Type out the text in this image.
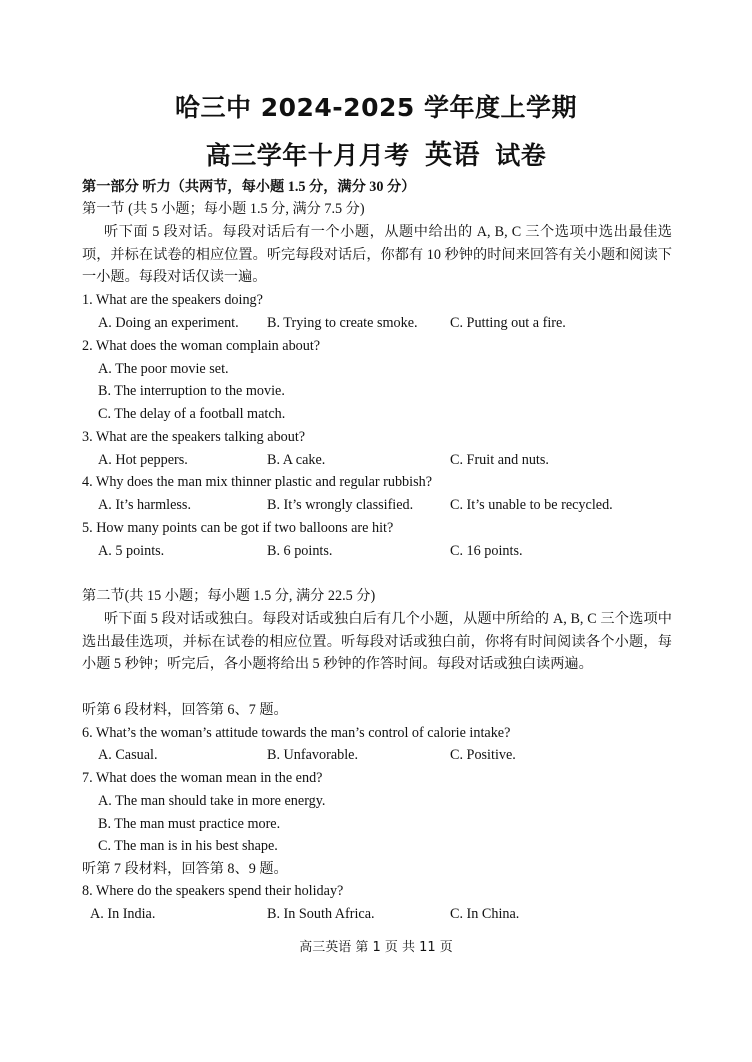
哈三中 2024-2025 学年度上学期
高三学年十月月考 英语 试卷
第一部分 听力（共两节，每小题 1.5 分，满分 30 分）
第一节 (共 5 小题；每小题 1.5 分, 满分 7.5 分)
听下面 5 段对话。每段对话后有一个小题，从题中给出的 A, B, C 三个选项中选出最佳选项，并标在试卷的相应位置。听完每段对话后，你都有 10 秒钟的时间来回答有关小题和阅读下一小题。每段对话仅读一遍。
1. What are the speakers doing?
A. Doing an experiment. B. Trying to create smoke. C. Putting out a fire.
2. What does the woman complain about?
A. The poor movie set.
B. The interruption to the movie.
C. The delay of a football match.
3. What are the speakers talking about?
A. Hot peppers.	B. A cake.	C. Fruit and nuts.
4. Why does the man mix thinner plastic and regular rubbish?
A. It’s harmless.	B. It’s wrongly classified.	C. It’s unable to be recycled.
5. How many points can be got if two balloons are hit?
A. 5 points.	B. 6 points.	C. 16 points.
第二节(共 15 小题；每小题 1.5 分, 满分 22.5 分)
听下面 5 段对话或独白。每段对话或独白后有几个小题，从题中所给的 A, B, C 三个选项中选出最佳选项，并标在试卷的相应位置。听每段对话或独白前，你将有时间阅读各个小题，每小题 5 秒钟；听完后，各小题将给出 5 秒钟的作答时间。每段对话或独白读两遍。
听第 6 段材料，回答第 6、7 题。
6. What’s the woman’s attitude towards the man’s control of calorie intake?
A. Casual.	B. Unfavorable.	C. Positive.
7. What does the woman mean in the end?
A. The man should take in more energy.
B. The man must practice more.
C. The man is in his best shape.
听第 7 段材料，回答第 8、9 题。
8. Where do the speakers spend their holiday?
A. In India.	B. In South Africa.	C. In China.
高三英语 第 1 页 共 11 页
